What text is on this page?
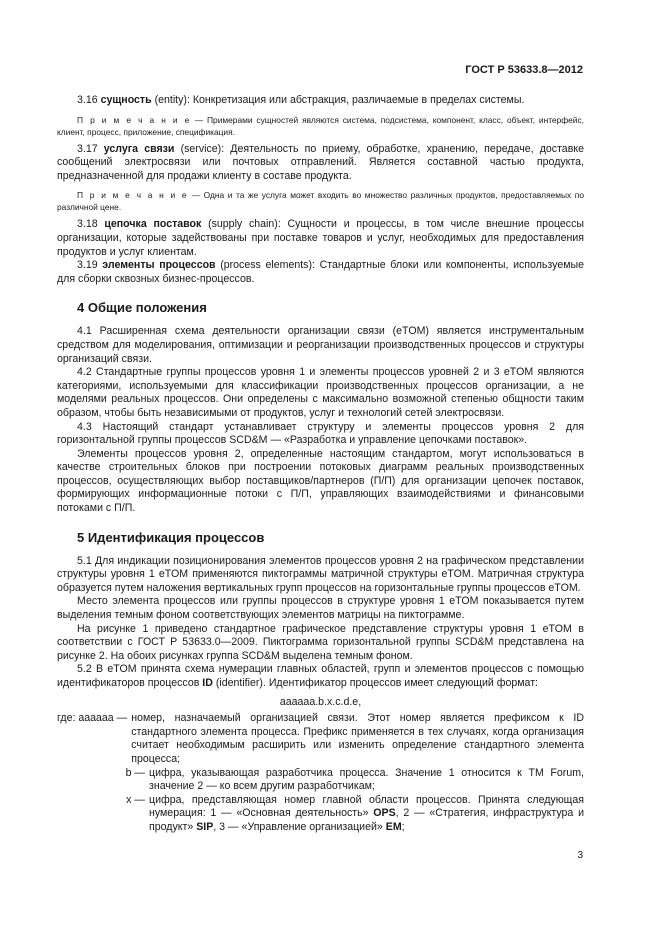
ГОСТ Р 53633.8—2012

3.16 сущность (entity): Конкретизация или абстракция, различаемые в пределах системы.

П р и м е ч а н и е — Примерами сущностей являются система, подсистема, компонент, класс, объект, интерфейс, клиент, процесс, приложение, спецификация.

3.17 услуга связи (service): Деятельность по приему, обработке, хранению, передаче, доставке сообщений электросвязи или почтовых отправлений. Является составной частью продукта, предназначенной для продажи клиенту в составе продукта.

П р и м е ч а н и е — Одна и та же услуга может входить во множество различных продуктов, предоставляемых по различной цене.

3.18 цепочка поставок (supply chain): Сущности и процессы, в том числе внешние процессы организации, которые задействованы при поставке товаров и услуг, необходимых для предоставления продуктов и услуг клиентам.

3.19 элементы процессов (process elements): Стандартные блоки или компоненты, используемые для сборки сквозных бизнес-процессов.

4 Общие положения

4.1 Расширенная схема деятельности организации связи (eTOM) является инструментальным средством для моделирования, оптимизации и реорганизации производственных процессов и структуры организаций связи.

4.2 Стандартные группы процессов уровня 1 и элементы процессов уровней 2 и 3 eTOM являются категориями, используемыми для классификации производственных процессов организации, а не моделями реальных процессов. Они определены с максимально возможной степенью общности таким образом, чтобы быть независимыми от продуктов, услуг и технологий сетей электросвязи.

4.3 Настоящий стандарт устанавливает структуру и элементы процессов уровня 2 для горизонтальной группы процессов SCD&M — «Разработка и управление цепочками поставок».

Элементы процессов уровня 2, определенные настоящим стандартом, могут использоваться в качестве строительных блоков при построении потоковых диаграмм реальных производственных процессов, осуществляющих выбор поставщиков/партнеров (П/П) для организации цепочек поставок, формирующих информационные потоки с П/П, управляющих взаимодействиями и финансовыми потоками с П/П.

5 Идентификация процессов

5.1 Для индикации позиционирования элементов процессов уровня 2 на графическом представлении структуры уровня 1 eTOM применяются пиктограммы матричной структуры eTOM. Матричная структура образуется путем наложения вертикальных групп процессов на горизонтальные группы процессов eTOM.

Место элемента процессов или группы процессов в структуре уровня 1 eTOM показывается путем выделения темным фоном соответствующих элементов матрицы на пиктограмме.

На рисунке 1 приведено стандартное графическое представление структуры уровня 1 eTOM в соответствии с ГОСТ Р 53633.0—2009. Пиктограмма горизонтальной группы SCD&M представлена на рисунке 2. На обоих рисунках группа SCD&M выделена темным фоном.

5.2 В eTOM принята схема нумерации главных областей, групп и элементов процессов с помощью идентификаторов процессов ID (identifier). Идентификатор процессов имеет следующий формат:

aaaaaa.b.x.c.d.e,

где: aaaaaa — номер, назначаемый организацией связи. Этот номер является префиксом к ID стандартного элемента процесса. Префикс применяется в тех случаях, когда организация считает необходимым расширить или изменить определение стандартного элемента процесса;
b — цифра, указывающая разработчика процесса. Значение 1 относится к TM Forum, значение 2 — ко всем другим разработчикам;
x — цифра, представляющая номер главной области процессов. Принята следующая нумерация: 1 — «Основная деятельность» OPS, 2 — «Стратегия, инфраструктура и продукт» SIP, 3 — «Управление организацией» EM;
3
